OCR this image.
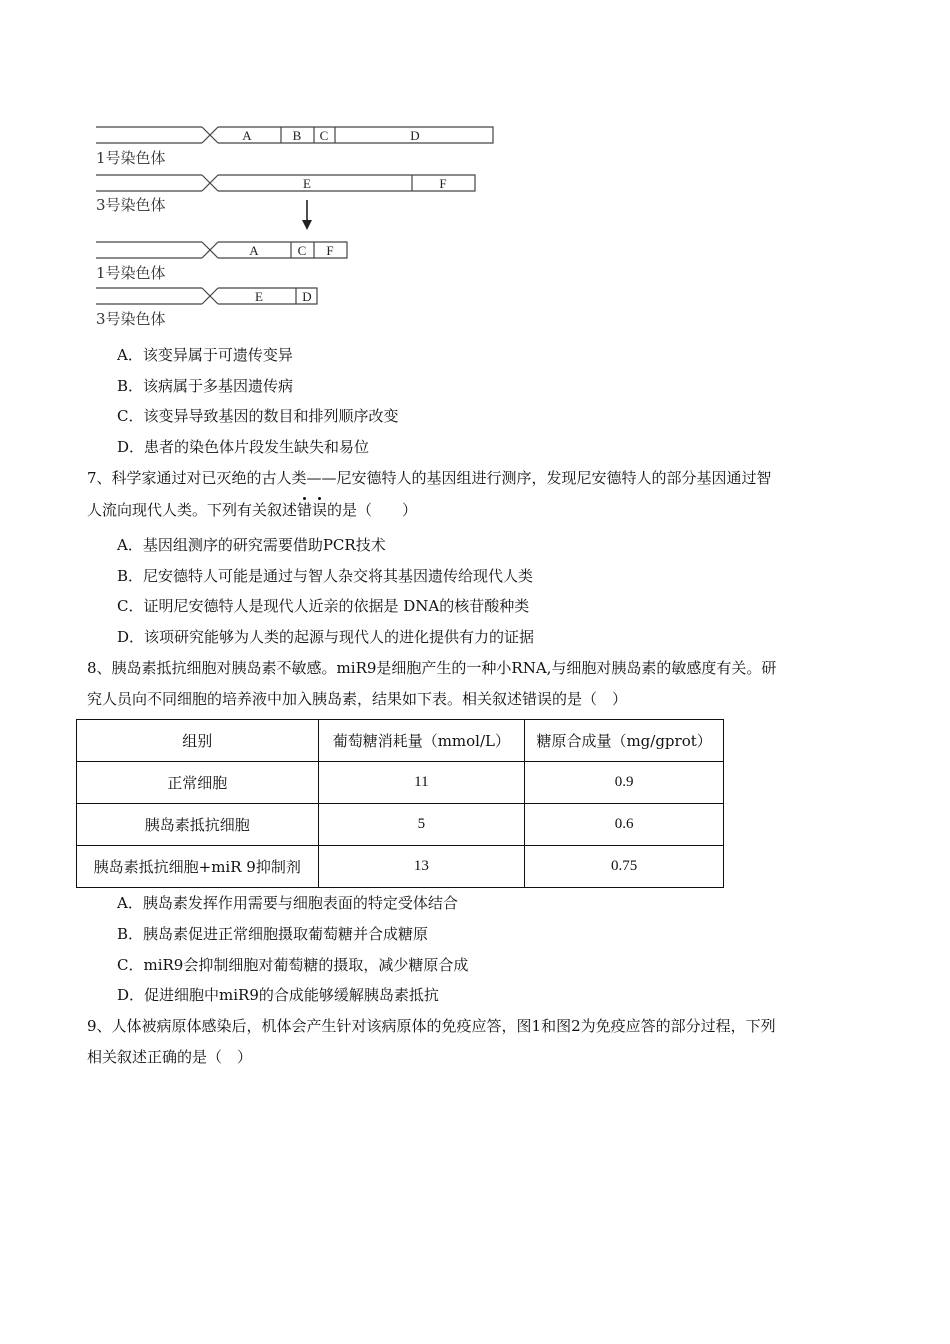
A	B C	D
E	F
A	C F
E	D
1号染色体
3号染色体
1号染色体
3号染色体
A．该变异属于可遗传变异
B．该病属于多基因遗传病
C．该变异导致基因的数目和排列顺序改变
D．患者的染色体片段发生缺失和易位
7、科学家通过对已灭绝的古人类——尼安德特人的基因组进行测序，发现尼安德特人的部分基因通过智
人流向现代人类。下列有关叙述错误的是（　　）
A．基因组测序的研究需要借助PCR技术
B．尼安德特人可能是通过与智人杂交将其基因遗传给现代人类
C．证明尼安德特人是现代人近亲的依据是 DNA的核苷酸种类
D．该项研究能够为人类的起源与现代人的进化提供有力的证据
8、胰岛素抵抗细胞对胰岛素不敏感。miR9是细胞产生的一种小RNA,与细胞对胰岛素的敏感度有关。研
究人员向不同细胞的培养液中加入胰岛素，结果如下表。相关叙述错误的是（　）
组别	葡萄糖消耗量（mmol/L）	糖原合成量（mg/gprot）
正常细胞	11	0.9
胰岛素抵抗细胞	5	0.6
胰岛素抵抗细胞+miR 9抑制剂	13	0.75
A．胰岛素发挥作用需要与细胞表面的特定受体结合
B．胰岛素促进正常细胞摄取葡萄糖并合成糖原
C．miR9会抑制细胞对葡萄糖的摄取，减少糖原合成
D．促进细胞中miR9的合成能够缓解胰岛素抵抗
9、人体被病原体感染后，机体会产生针对该病原体的免疫应答，图1和图2为免疫应答的部分过程，下列
相关叙述正确的是（　）
